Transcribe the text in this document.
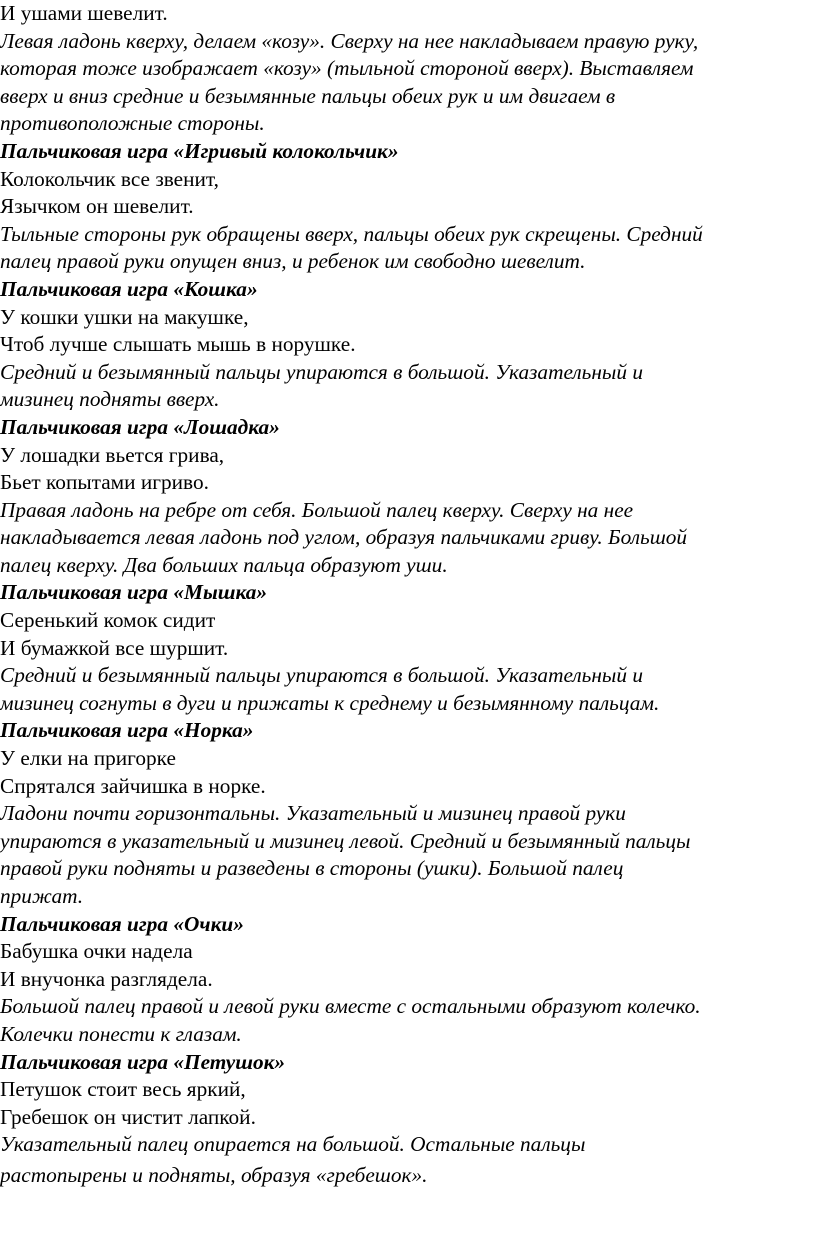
И ушами шевелит.

Левая ладонь кверху, делаем «козу». Сверху на нее накладываем правую руку,

которая тоже изображает «козу» (тыльной стороной вверх). Выставляем

вверх и вниз средние и безымянные пальцы обеих рук и им двигаем в

противоположные стороны.

Пальчиковая игра «Игривый колокольчик»

Колокольчик все звенит,

Язычком он шевелит.

Тыльные стороны рук обращены вверх, пальцы обеих рук скрещены. Средний

палец правой руки опущен вниз, и ребенок им свободно шевелит.

Пальчиковая игра «Кошка»

У кошки ушки на макушке,

Чтоб лучше слышать мышь в норушке.

Средний и безымянный пальцы упираются в большой. Указательный и

мизинец подняты вверх.

Пальчиковая игра «Лошадка»

У лошадки вьется грива,

Бьет копытами игриво.

Правая ладонь на ребре от себя. Большой палец кверху. Сверху на нее

накладывается левая ладонь под углом, образуя пальчиками гриву. Большой

палец кверху. Два больших пальца образуют уши.

Пальчиковая игра «Мышка»

Серенький комок сидит

И бумажкой все шуршит.

Средний и безымянный пальцы упираются в большой. Указательный и

мизинец согнуты в дуги и прижаты к среднему и безымянному пальцам.

Пальчиковая игра «Норка»

У елки на пригорке

Спрятался зайчишка в норке.

Ладони почти горизонтальны. Указательный и мизинец правой руки

упираются в указательный и мизинец левой. Средний и безымянный пальцы

правой руки подняты и разведены в стороны (ушки). Большой палец

прижат.

Пальчиковая игра «Очки»

Бабушка очки надела

И внучонка разглядела.

Большой палец правой и левой руки вместе с остальными образуют колечко.

Колечки понести к глазам.

Пальчиковая игра «Петушок»

Петушок стоит весь яркий,

Гребешок он чистит лапкой.

Указательный палец опирается на большой. Остальные пальцы

растопырены и подняты, образуя «гребешок».
